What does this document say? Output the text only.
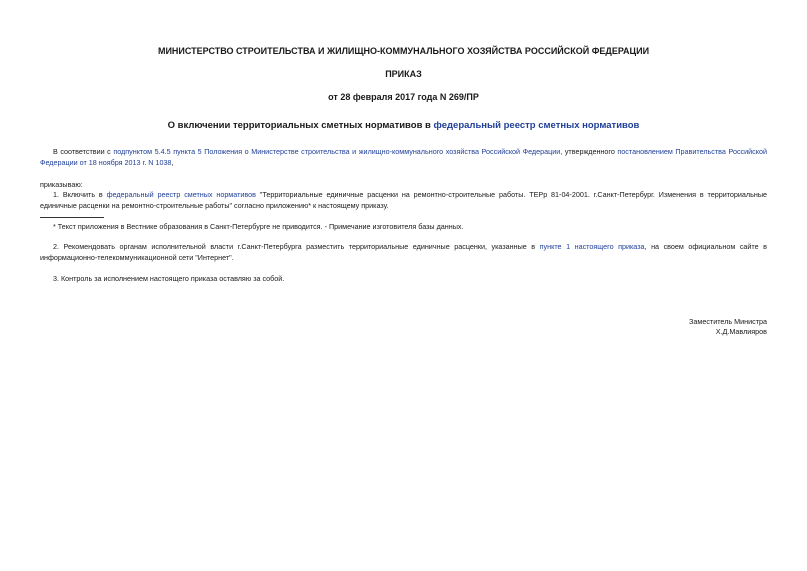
МИНИСТЕРСТВО СТРОИТЕЛЬСТВА И ЖИЛИЩНО-КОММУНАЛЬНОГО ХОЗЯЙСТВА РОССИЙСКОЙ ФЕДЕРАЦИИ
ПРИКАЗ
от 28 февраля 2017 года N 269/ПР
О включении территориальных сметных нормативов в федеральный реестр сметных нормативов
В соответствии с подпунктом 5.4.5 пункта 5 Положения о Министерстве строительства и жилищно-коммунального хозяйства Российской Федерации, утвержденного постановлением Правительства Российской Федерации от 18 ноября 2013 г. N 1038,
приказываю:
1. Включить в федеральный реестр сметных нормативов "Территориальные единичные расценки на ремонтно-строительные работы. ТЕРр 81-04-2001. г.Санкт-Петербург. Изменения в территориальные единичные расценки на ремонтно-строительные работы" согласно приложению* к настоящему приказу.
* Текст приложения в Вестнике образования в Санкт-Петербурге не приводится. - Примечание изготовителя базы данных.
2. Рекомендовать органам исполнительной власти г.Санкт-Петербурга разместить территориальные единичные расценки, указанные в пункте 1 настоящего приказа, на своем официальном сайте в информационно-телекоммуникационной сети "Интернет".
3. Контроль за исполнением настоящего приказа оставляю за собой.
Заместитель Министра
Х.Д.Мавлияров
